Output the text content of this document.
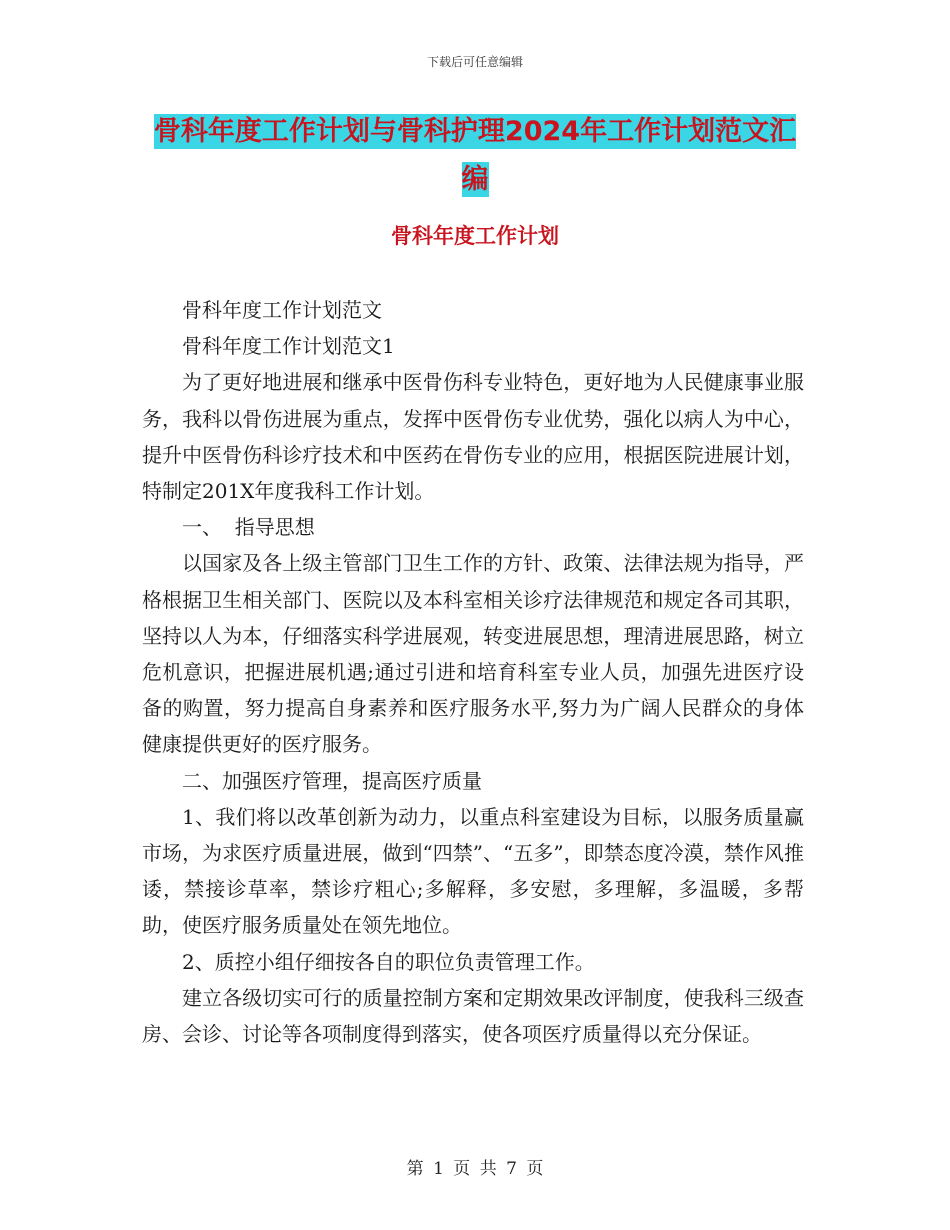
下载后可任意编辑
骨科年度工作计划与骨科护理2024年工作计划范文汇
编
骨科年度工作计划

骨科年度工作计划范文

骨科年度工作计划范文1

为了更好地进展和继承中医骨伤科专业特色，更好地为人民健康事业服务，我科以骨伤进展为重点，发挥中医骨伤专业优势，强化以病人为中心，提升中医骨伤科诊疗技术和中医药在骨伤专业的应用，根据医院进展计划，特制定201X年度我科工作计划。

一、  指导思想

以国家及各上级主管部门卫生工作的方针、政策、法律法规为指导，严格根据卫生相关部门、医院以及本科室相关诊疗法律规范和规定各司其职，坚持以人为本，仔细落实科学进展观，转变进展思想，理清进展思路，树立危机意识，把握进展机遇;通过引进和培育科室专业人员，加强先进医疗设备的购置，努力提高自身素养和医疗服务水平,努力为广阔人民群众的身体健康提供更好的医疗服务。

二、加强医疗管理，提高医疗质量

1、我们将以改革创新为动力，以重点科室建设为目标，以服务质量赢市场，为求医疗质量进展，做到“四禁”、“五多”，即禁态度冷漠，禁作风推诿，禁接诊草率，禁诊疗粗心;多解释，多安慰，多理解，多温暖，多帮助，使医疗服务质量处在领先地位。

2、质控小组仔细按各自的职位负责管理工作。

建立各级切实可行的质量控制方案和定期效果改评制度，使我科三级查房、会诊、讨论等各项制度得到落实，使各项医疗质量得以充分保证。

第 1 页 共 7 页
